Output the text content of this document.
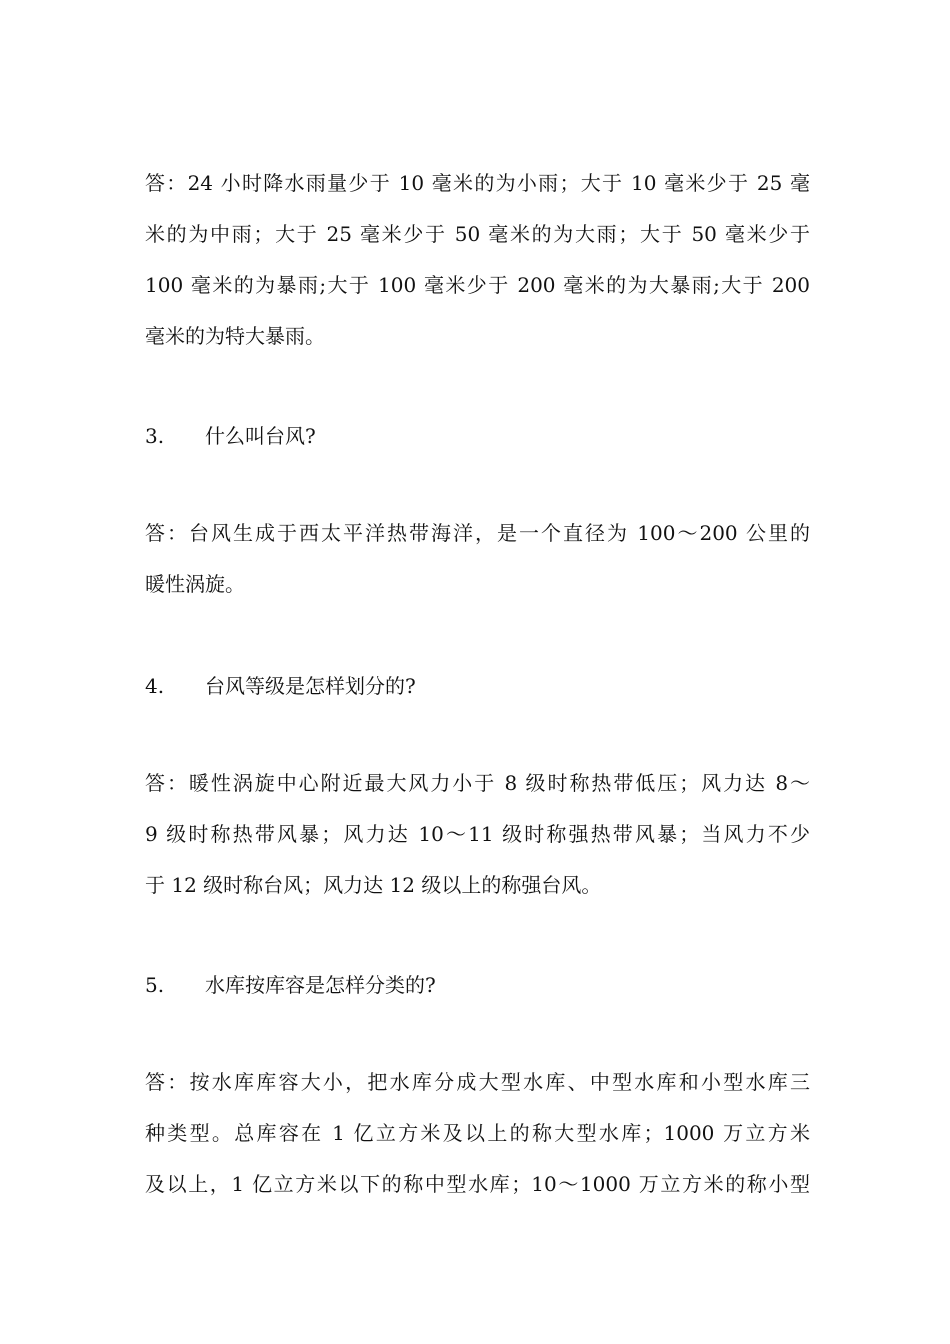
答：24 小时降水雨量少于 10 毫米的为小雨；大于 10 毫米少于 25 毫
米的为中雨；大于 25 毫米少于 50 毫米的为大雨；大于 50 毫米少于
100 毫米的为暴雨;大于 100 毫米少于 200 毫米的为大暴雨;大于 200
毫米的为特大暴雨。
3. 什么叫台风?
答：台风生成于西太平洋热带海洋，是一个直径为 100～200 公里的
暖性涡旋。
4. 台风等级是怎样划分的?
答：暖性涡旋中心附近最大风力小于 8 级时称热带低压；风力达 8～
9 级时称热带风暴；风力达 10～11 级时称强热带风暴；当风力不少
于 12 级时称台风；风力达 12 级以上的称强台风。
5. 水库按库容是怎样分类的?
答：按水库库容大小，把水库分成大型水库、中型水库和小型水库三
种类型。总库容在 1 亿立方米及以上的称大型水库；1000 万立方米
及以上，1 亿立方米以下的称中型水库；10～1000 万立方米的称小型
